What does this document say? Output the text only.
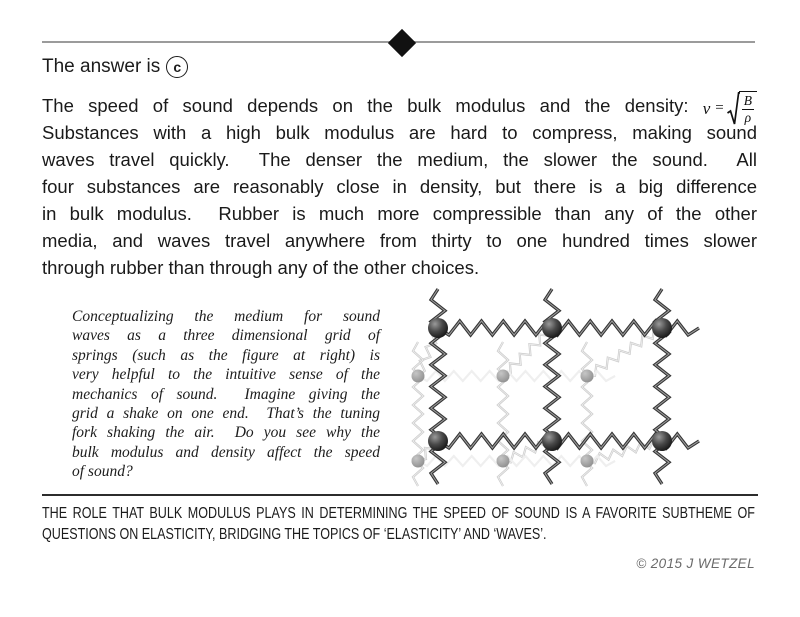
The answer is c
The speed of sound depends on the bulk modulus and the density: $v = \frac{B}{\rho}$
Substances with a high bulk modulus are hard to compress, making sound
waves travel quickly.  The denser the medium, the slower the sound.  All
four substances are reasonably close in density, but there is a big difference
in bulk modulus.  Rubber is much more compressible than any of the other
media, and waves travel anywhere from thirty to one hundred times slower
through rubber than through any of the other choices.
Conceptualizing the medium for sound
waves as a three dimensional grid of
springs (such as the figure at right) is
very helpful to the intuitive sense of the
mechanics of sound.  Imagine giving the
grid a shake on one end.  That’s the tuning
fork shaking the air.  Do you see why the
bulk modulus and density affect the speed
of sound?
THE ROLE THAT BULK MODULUS PLAYS IN DETERMINING THE SPEED OF SOUND IS A FAVORITE SUBTHEME OF
QUESTIONS ON ELASTICITY, BRIDGING THE TOPICS OF ‘ELASTICITY’ AND ‘WAVES’.
© 2015 J WETZEL
